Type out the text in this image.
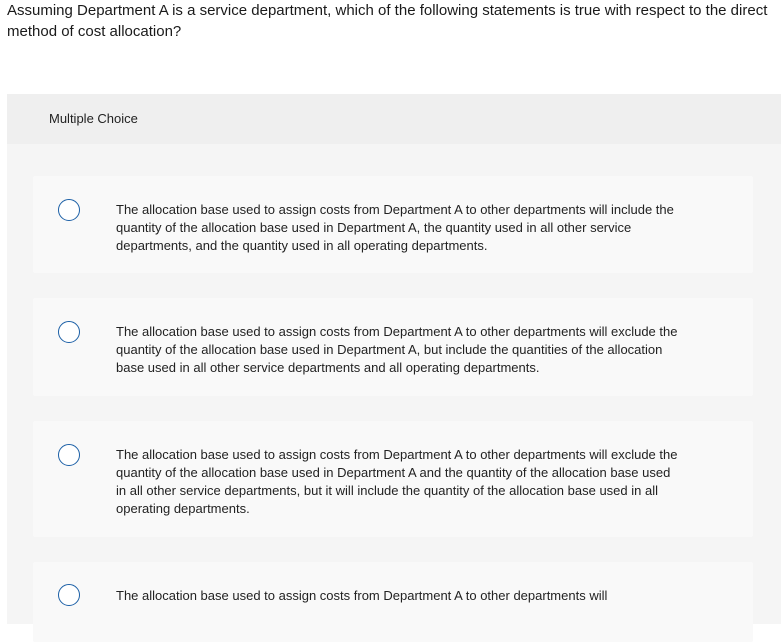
Assuming Department A is a service department, which of the following statements is true with respect to the direct method of cost allocation?
Multiple Choice
The allocation base used to assign costs from Department A to other departments will include the quantity of the allocation base used in Department A, the quantity used in all other service departments, and the quantity used in all operating departments.
The allocation base used to assign costs from Department A to other departments will exclude the quantity of the allocation base used in Department A, but include the quantities of the allocation base used in all other service departments and all operating departments.
The allocation base used to assign costs from Department A to other departments will exclude the quantity of the allocation base used in Department A and the quantity of the allocation base used in all other service departments, but it will include the quantity of the allocation base used in all operating departments.
The allocation base used to assign costs from Department A to other departments will
